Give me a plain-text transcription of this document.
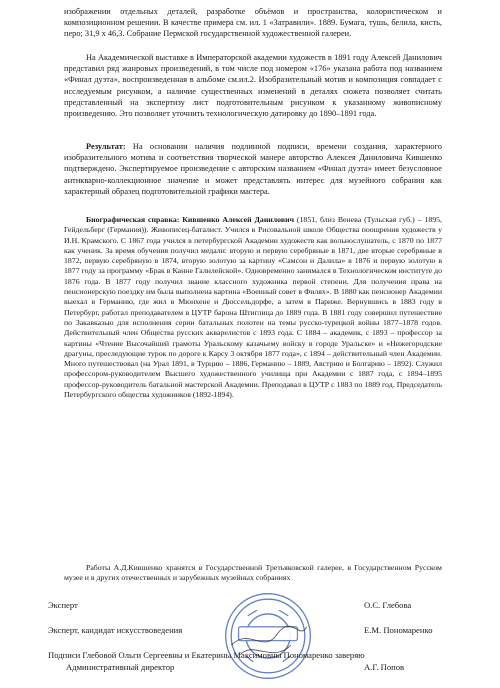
изображении отдельных деталей, разработке объёмов и пространства, колористическом и композиционном решении. В качестве примера см. ил. 1 «Затравили». 1889. Бумага, тушь, белила, кисть, перо; 31,9 х 46,3. Собрание Пермской государственной художественной галереи.
На Академической выставке в Императорской академии художеств в 1891 году Алексей Данилович представил ряд жанровых произведений, в том числе под номером «176» указана работа под названием «Финал дуэта», воспроизведенная в альбоме см.ил.2. Изобразительный мотив и композиция совпадает с исследуемым рисунком, а наличие существенных изменений в деталях сюжета позволяет считать представленный на экспертизу лист подготовительным рисунком к указанному живописному произведению. Это позволяет уточнить технологическую датировку до 1890–1891 года.
Результат: На основании наличия подлинной подписи, времени создания, характерного изобразительного мотива и соответствия творческой манере авторство Алексея Даниловича Кившенко подтверждено. Экспертируемое произведение с авторским названием «Финал дуэта» имеет безусловное антикварно-коллекционное значение и может представлять интерес для музейного собрания как характерный образец подготовительной графики мастера.
Биографическая справка: Кившенко Алексей Данилович (1851, близ Венева (Тульская губ.) – 1895, Гейдельберг (Германия)). Живописец-баталист. Учился в Рисовальной школе Общества поощрения художеств у И.Н. Крамского. С 1867 года учился в петербургской Академии художеств как вольнослушатель, с 1870 по 1877 как ученик. За время обучения получил медали: вторую и первую серебряные в 1871, две вторые серебряные в 1872, первую серебряную в 1874, вторую золотую за картину «Самсон и Далила» в 1876 и первую золотую в 1877 году за программу «Брак в Канне Галилейской». Одновременно занимался в Технологическом институте до 1876 года. В 1877 году получил звание классного художника первой степени. Для получения права на пенсионерскую поездку им была выполнена картина «Военный совет в Филях». В 1880 как пенсионер Академии выехал в Германию, где жил в Мюнхене и Дюссельдорфе, а затем в Париже. Вернувшись в 1883 году в Петербург, работал преподавателем в ЦУТР барона Штиглица до 1889 года. В 1881 году совершил путешествие по Закавказью для исполнения серии батальных полотен на темы русско-турецкой войны 1877–1878 годов. Действительный член Общества русских акварелистов с 1893 года. С 1884 – академик, с 1893 – профессор за картины «Чтение Высочайшей грамоты Уральскому казачьему войску в городе Уральске» и «Нижегородские драгуны, преследующие турок по дороге к Карсу 3 октября 1877 года», с 1894 – действительный член Академии. Много путешествовал (на Урал 1891, в Турцию – 1886, Германию – 1889, Австрию и Болгарию – 1892). Служил профессором-руководителем Высшего художественного училища при Академии с 1887 года, с 1894–1895 профессор-руководитель батальной мастерской Академии. Преподавал в ЦУТР с 1883 по 1889 год. Председатель Петербургского общества художников (1892-1894).
Работы А.Д.Кившенко хранятся в Государственной Третьяковской галерее, в Государственном Русском музее и в других отечественных и зарубежных музейных собраниях
Эксперт	О.С. Глебова
Эксперт, кандидат искусствоведения	Е.М. Пономаренко
Подписи Глебовой Ольги Сергеевны и Екатерины Максимовны Пономаренко заверяю
Административный директор	А.Г. Попов
